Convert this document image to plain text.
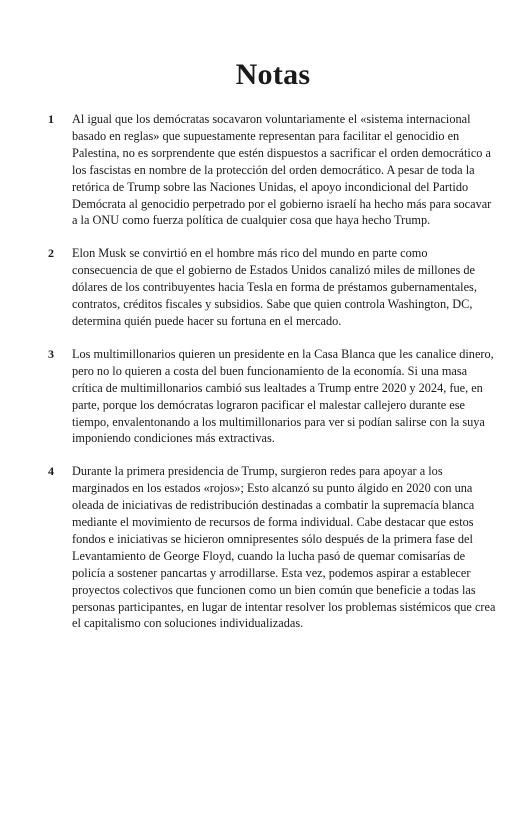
Notas
1 Al igual que los demócratas socavaron voluntariamente el «sistema internacional basado en reglas» que supuestamente representan para facilitar el genocidio en Palestina, no es sorprendente que estén dispuestos a sacrificar el orden democrático a los fascistas en nombre de la protección del orden democrático. A pesar de toda la retórica de Trump sobre las Naciones Unidas, el apoyo incondicional del Partido Demócrata al genocidio perpetrado por el gobierno israelí ha hecho más para socavar a la ONU como fuerza política de cualquier cosa que haya hecho Trump.

2 Elon Musk se convirtió en el hombre más rico del mundo en parte como consecuencia de que el gobierno de Estados Unidos canalizó miles de millones de dólares de los contribuyentes hacia Tesla en forma de préstamos gubernamentales, contratos, créditos fiscales y subsidios. Sabe que quien controla Washington, DC, determina quién puede hacer su fortuna en el mercado.

3 Los multimillonarios quieren un presidente en la Casa Blanca que les canalice dinero, pero no lo quieren a costa del buen funcionamiento de la economía. Si una masa crítica de multimillonarios cambió sus lealtades a Trump entre 2020 y 2024, fue, en parte, porque los demócratas lograron pacificar el malestar callejero durante ese tiempo, envalentonando a los multimillonarios para ver si podían salirse con la suya imponiendo condiciones más extractivas.

4 Durante la primera presidencia de Trump, surgieron redes para apoyar a los marginados en los estados «rojos»; Esto alcanzó su punto álgido en 2020 con una oleada de iniciativas de redistribución destinadas a combatir la supremacía blanca mediante el movimiento de recursos de forma individual. Cabe destacar que estos fondos e iniciativas se hicieron omnipresentes sólo después de la primera fase del Levantamiento de George Floyd, cuando la lucha pasó de quemar comisarías de policía a sostener pancartas y arrodillarse. Esta vez, podemos aspirar a establecer proyectos colectivos que funcionen como un bien común que beneficie a todas las personas participantes, en lugar de intentar resolver los problemas sistémicos que crea el capitalismo con soluciones individualizadas.
